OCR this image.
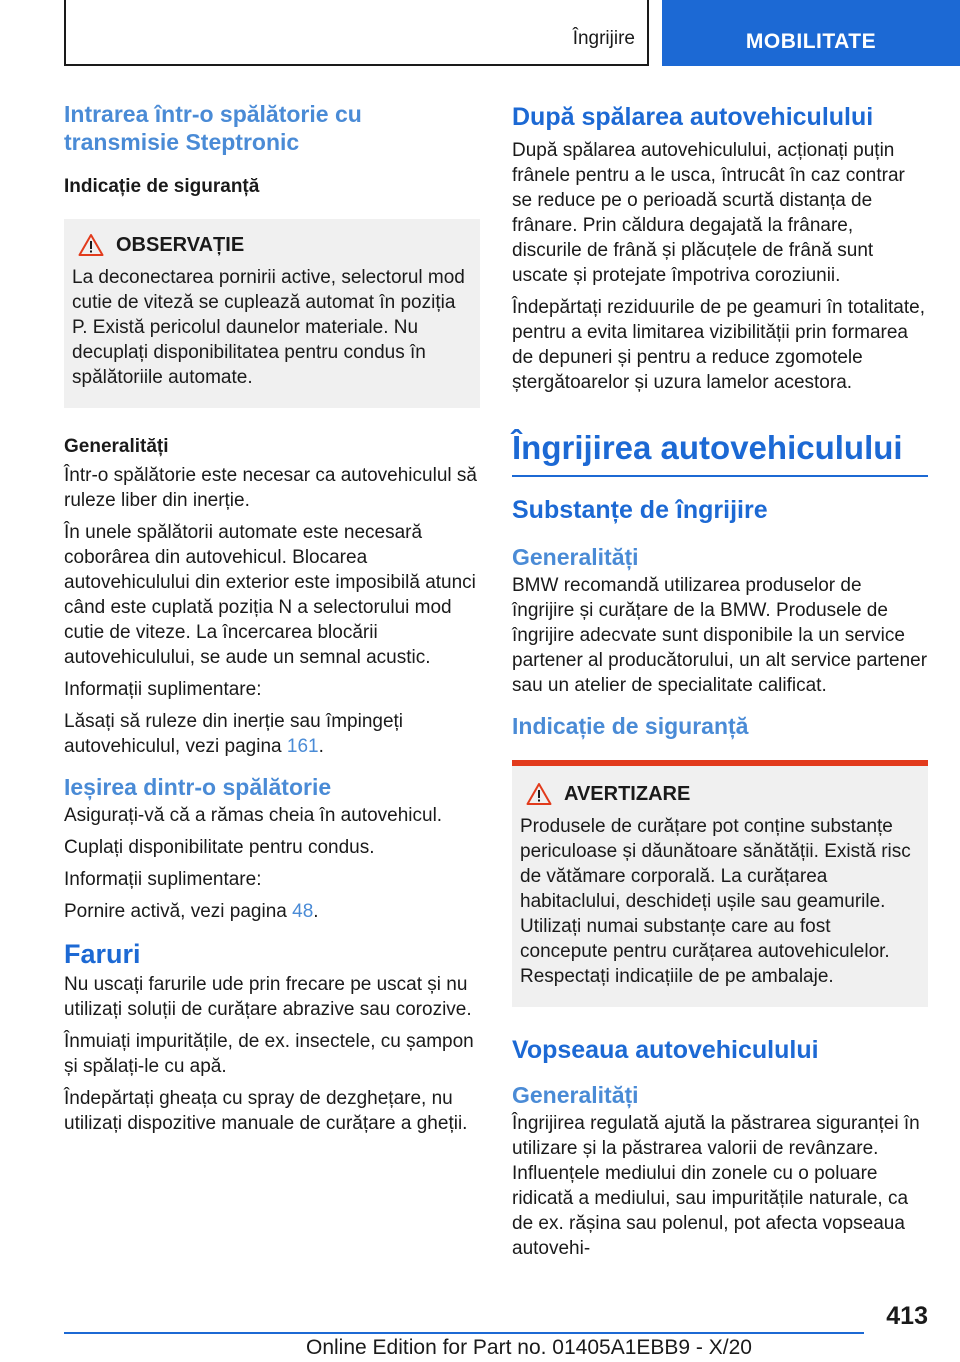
Îngrijire	MOBILITATE
Intrarea într-o spălătorie cu transmisie Steptronic
Indicație de siguranță
OBSERVAȚIE

La deconectarea pornirii active, selectorul mod cutie de viteză se cuplează automat în poziția P. Există pericolul daunelor materiale. Nu decuplați disponibilitatea pentru condus în spălătoriile automate.

Generalități

Într-o spălătorie este necesar ca autovehiculul să ruleze liber din inerție.

În unele spălătorii automate este necesară coborârea din autovehicul. Blocarea autovehiculului din exterior este imposibilă atunci când este cuplată poziția N a selectorului mod cutie de viteze. La încercarea blocării autovehiculului, se aude un semnal acustic.

Informații suplimentare:

Lăsați să ruleze din inerție sau împingeți autovehiculul, vezi pagina 161.

Ieșirea dintr-o spălătorie

Asigurați-vă că a rămas cheia în autovehicul.

Cuplați disponibilitate pentru condus.

Informații suplimentare:

Pornire activă, vezi pagina 48.

Faruri

Nu uscați farurile ude prin frecare pe uscat și nu utilizați soluții de curățare abrazive sau corozive.

Înmuiați impuritățile, de ex. insectele, cu șampon și spălați-le cu apă.

Îndepărtați gheața cu spray de dezghețare, nu utilizați dispozitive manuale de curățare a gheții.

După spălarea autovehiculului

După spălarea autovehiculului, acționați puțin frânele pentru a le usca, întrucât în caz contrar se reduce pe o perioadă scurtă distanța de frânare. Prin căldura degajată la frânare, discurile de frână și plăcuțele de frână sunt uscate și protejate împotriva coroziunii.

Îndepărtați reziduurile de pe geamuri în totalitate, pentru a evita limitarea vizibilității prin formarea de depuneri și pentru a reduce zgomotele ștergătoarelor și uzura lamelor acestora.

Îngrijirea autovehiculului
Substanțe de îngrijire
Generalități

BMW recomandă utilizarea produselor de îngrijire și curățare de la BMW. Produsele de îngrijire adecvate sunt disponibile la un service partener al producătorului, un alt service partener sau un atelier de specialitate calificat.

Indicație de siguranță
AVERTIZARE

Produsele de curățare pot conține substanțe periculoase și dăunătoare sănătății. Există risc de vătămare corporală. La curățarea habitaclului, deschideți ușile sau geamurile. Utilizați numai substanțe care au fost concepute pentru curățarea autovehiculelor. Respectați indicațiile de pe ambalaje.

Vopseaua autovehiculului
Generalități

Îngrijirea regulată ajută la păstrarea siguranței în utilizare și la păstrarea valorii de revânzare. Influențele mediului din zonele cu o poluare ridicată a mediului, sau impuritățile naturale, ca de ex. rășina sau polenul, pot afecta vopseaua autovehi-

413
Online Edition for Part no. 01405A1EBB9 - X/20
